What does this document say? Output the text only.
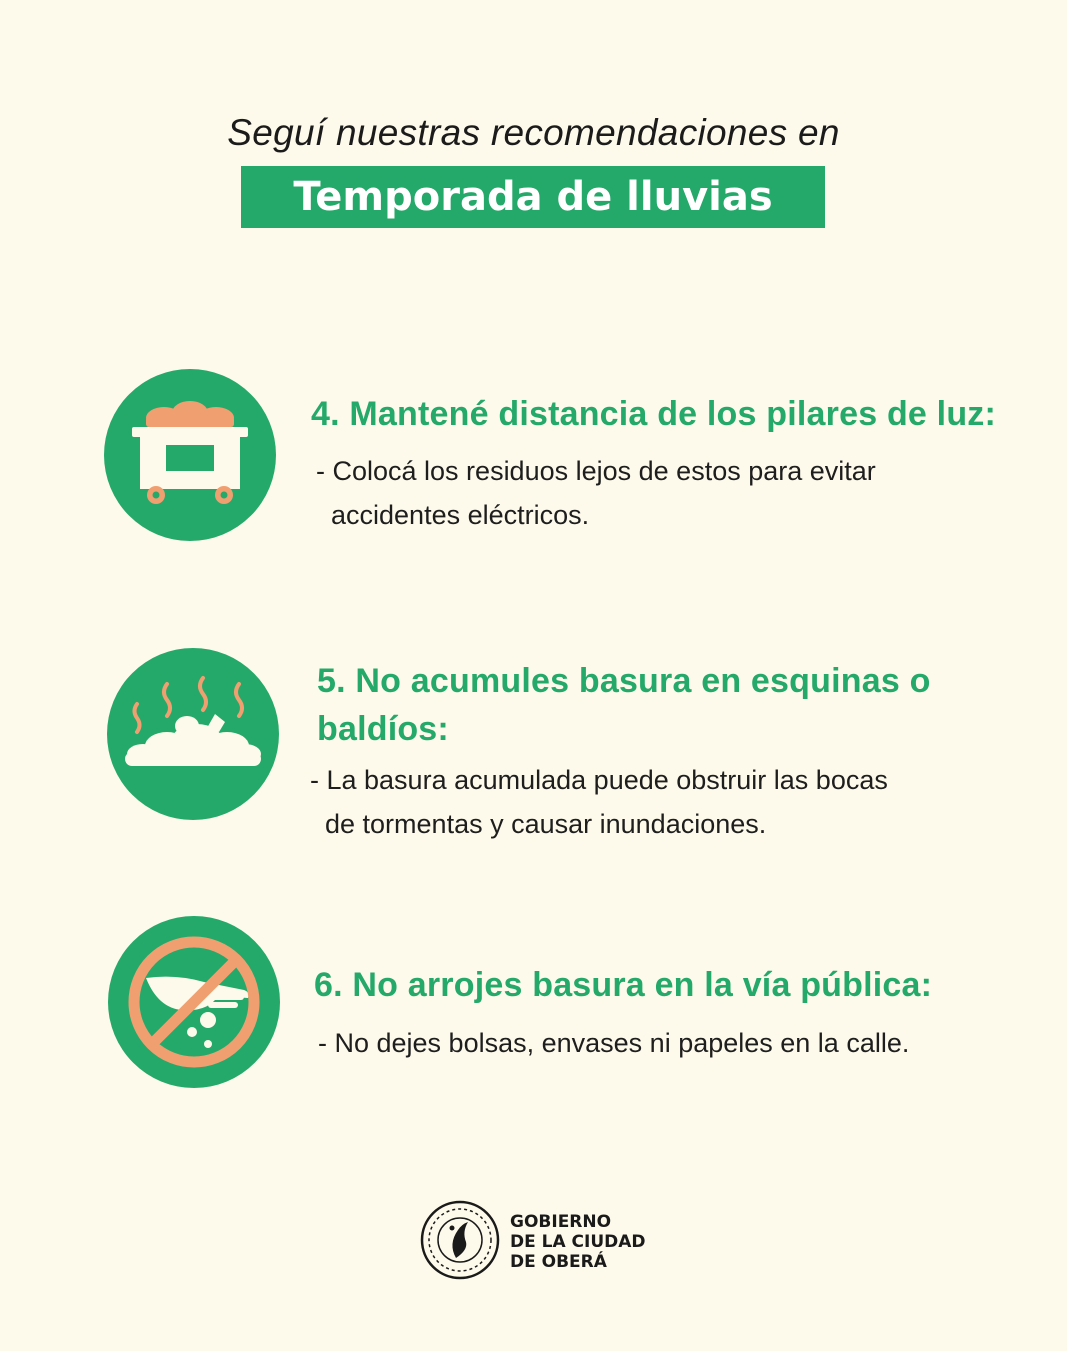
Seguí nuestras recomendaciones en
Temporada de lluvias
4. Mantené distancia de los pilares de luz:
- Colocá los residuos lejos de estos para evitar
accidentes eléctricos.
5. No acumules basura en esquinas o
baldíos:
- La basura acumulada puede obstruir las bocas
de tormentas y causar inundaciones.
6. No arrojes basura en la vía pública:
- No dejes bolsas, envases ni papeles en la calle.
GOBIERNO
DE LA CIUDAD
DE OBERÁ
